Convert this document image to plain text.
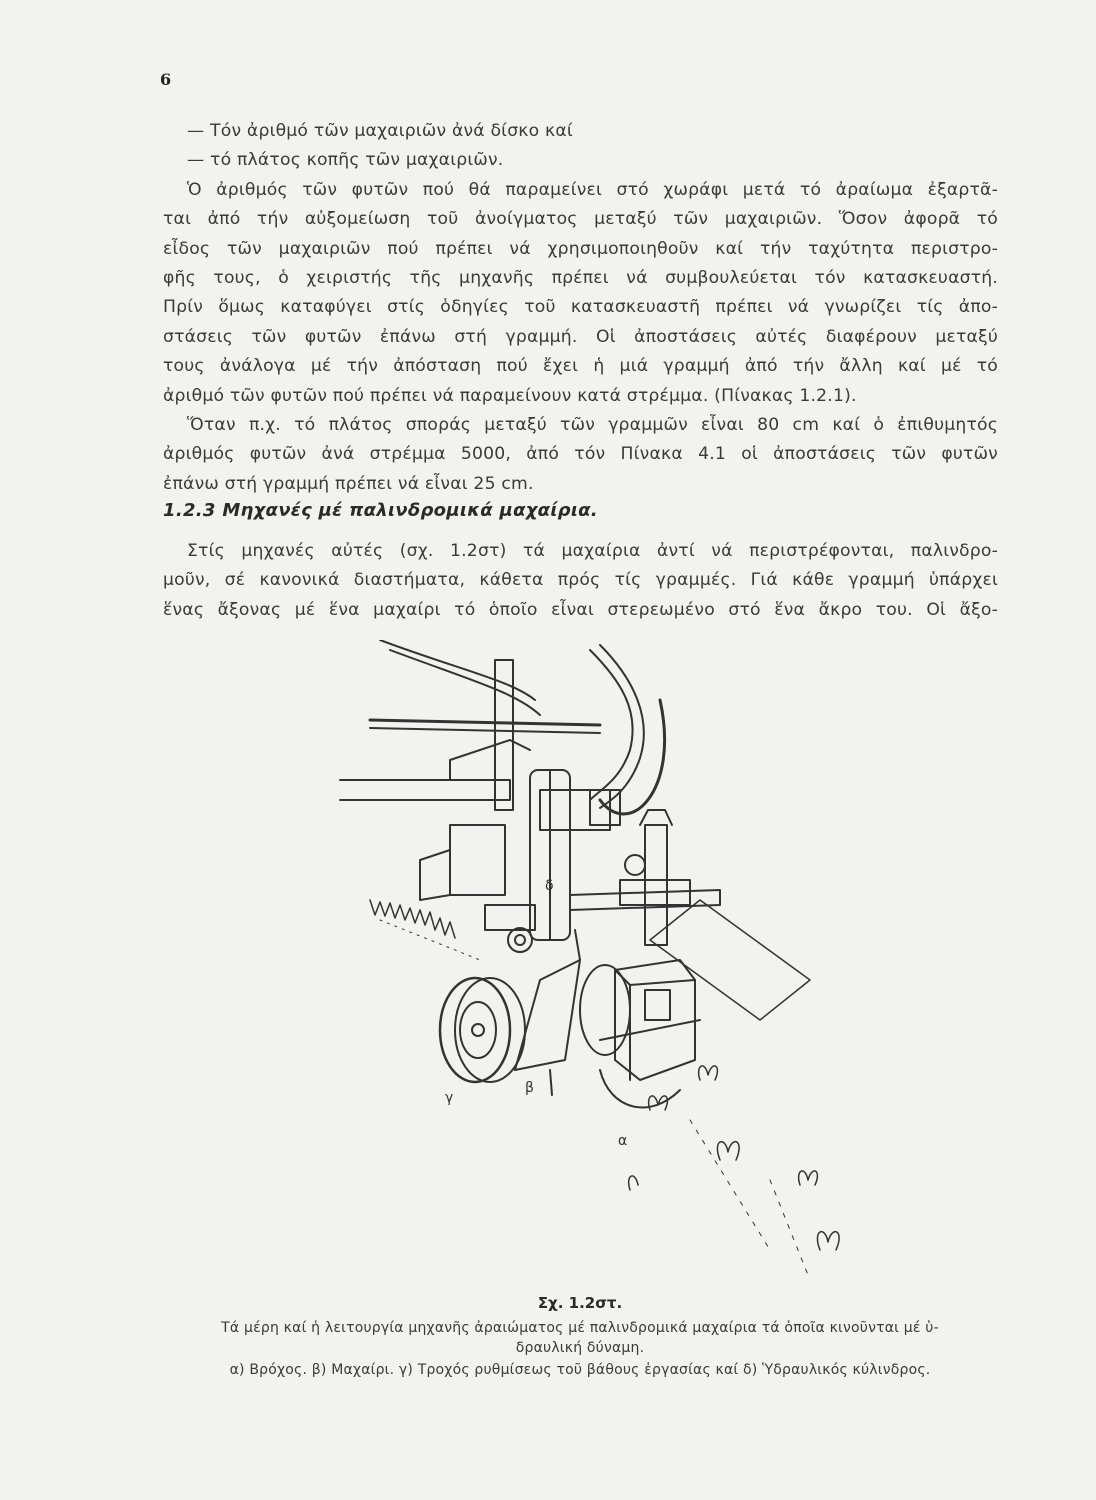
6
— Τόν ἀριθμό τῶν μαχαιριῶν ἀνά δίσκο καί
— τό πλάτος κοπῆς τῶν μαχαιριῶν.
Ὁ ἀριθμός τῶν φυτῶν πού θά παραμείνει στό χωράφι μετά τό ἀραίωμα ἐξαρτᾶ-
ται ἀπό τήν αὐξομείωση τοῦ ἀνοίγματος μεταξύ τῶν μαχαιριῶν. Ὅσον ἀφορᾶ τό
εἶδος τῶν μαχαιριῶν πού πρέπει νά χρησιμοποιηθοῦν καί τήν ταχύτητα περιστρο-
φῆς τους, ὁ χειριστής τῆς μηχανῆς πρέπει νά συμβουλεύεται τόν κατασκευαστή.
Πρίν ὅμως καταφύγει στίς ὁδηγίες τοῦ κατασκευαστῆ πρέπει νά γνωρίζει τίς ἀπο-
στάσεις τῶν φυτῶν ἐπάνω στή γραμμή. Οἱ ἀποστάσεις αὐτές διαφέρουν μεταξύ
τους ἀνάλογα μέ τήν ἀπόσταση πού ἔχει ἡ μιά γραμμή ἀπό τήν ἄλλη καί μέ τό
ἀριθμό τῶν φυτῶν πού πρέπει νά παραμείνουν κατά στρέμμα. (Πίνακας 1.2.1).
Ὅταν π.χ. τό πλάτος σποράς μεταξύ τῶν γραμμῶν εἶναι 80 cm καί ὁ ἐπιθυμητός
ἀριθμός φυτῶν ἀνά στρέμμα 5000, ἀπό τόν Πίνακα 4.1 οἱ ἀποστάσεις τῶν φυτῶν
ἐπάνω στή γραμμή πρέπει νά εἶναι 25 cm.
1.2.3 Μηχανές μέ παλινδρομικά μαχαίρια.
Στίς μηχανές αὐτές (σχ. 1.2στ) τά μαχαίρια ἀντί νά περιστρέφονται, παλινδρο-
μοῦν, σέ κανονικά διαστήματα, κάθετα πρός τίς γραμμές. Γιά κάθε γραμμή ὑπάρχει
ἕνας ἄξονας μέ ἕνα μαχαίρι τό ὁποῖο εἶναι στερεωμένο στό ἕνα ἄκρο του. Οἱ ἄξο-
δ
β
γ
α
Σχ. 1.2στ.
Τά μέρη καί ἡ λειτουργία μηχανῆς ἀραιώματος μέ παλινδρομικά μαχαίρια τά ὁποῖα κινοῦνται μέ ὑ-
δραυλική δύναμη.
α) Βρόχος. β) Μαχαίρι. γ) Τροχός ρυθμίσεως τοῦ βάθους ἐργασίας καί δ) Ὑδραυλικός κύλινδρος.
